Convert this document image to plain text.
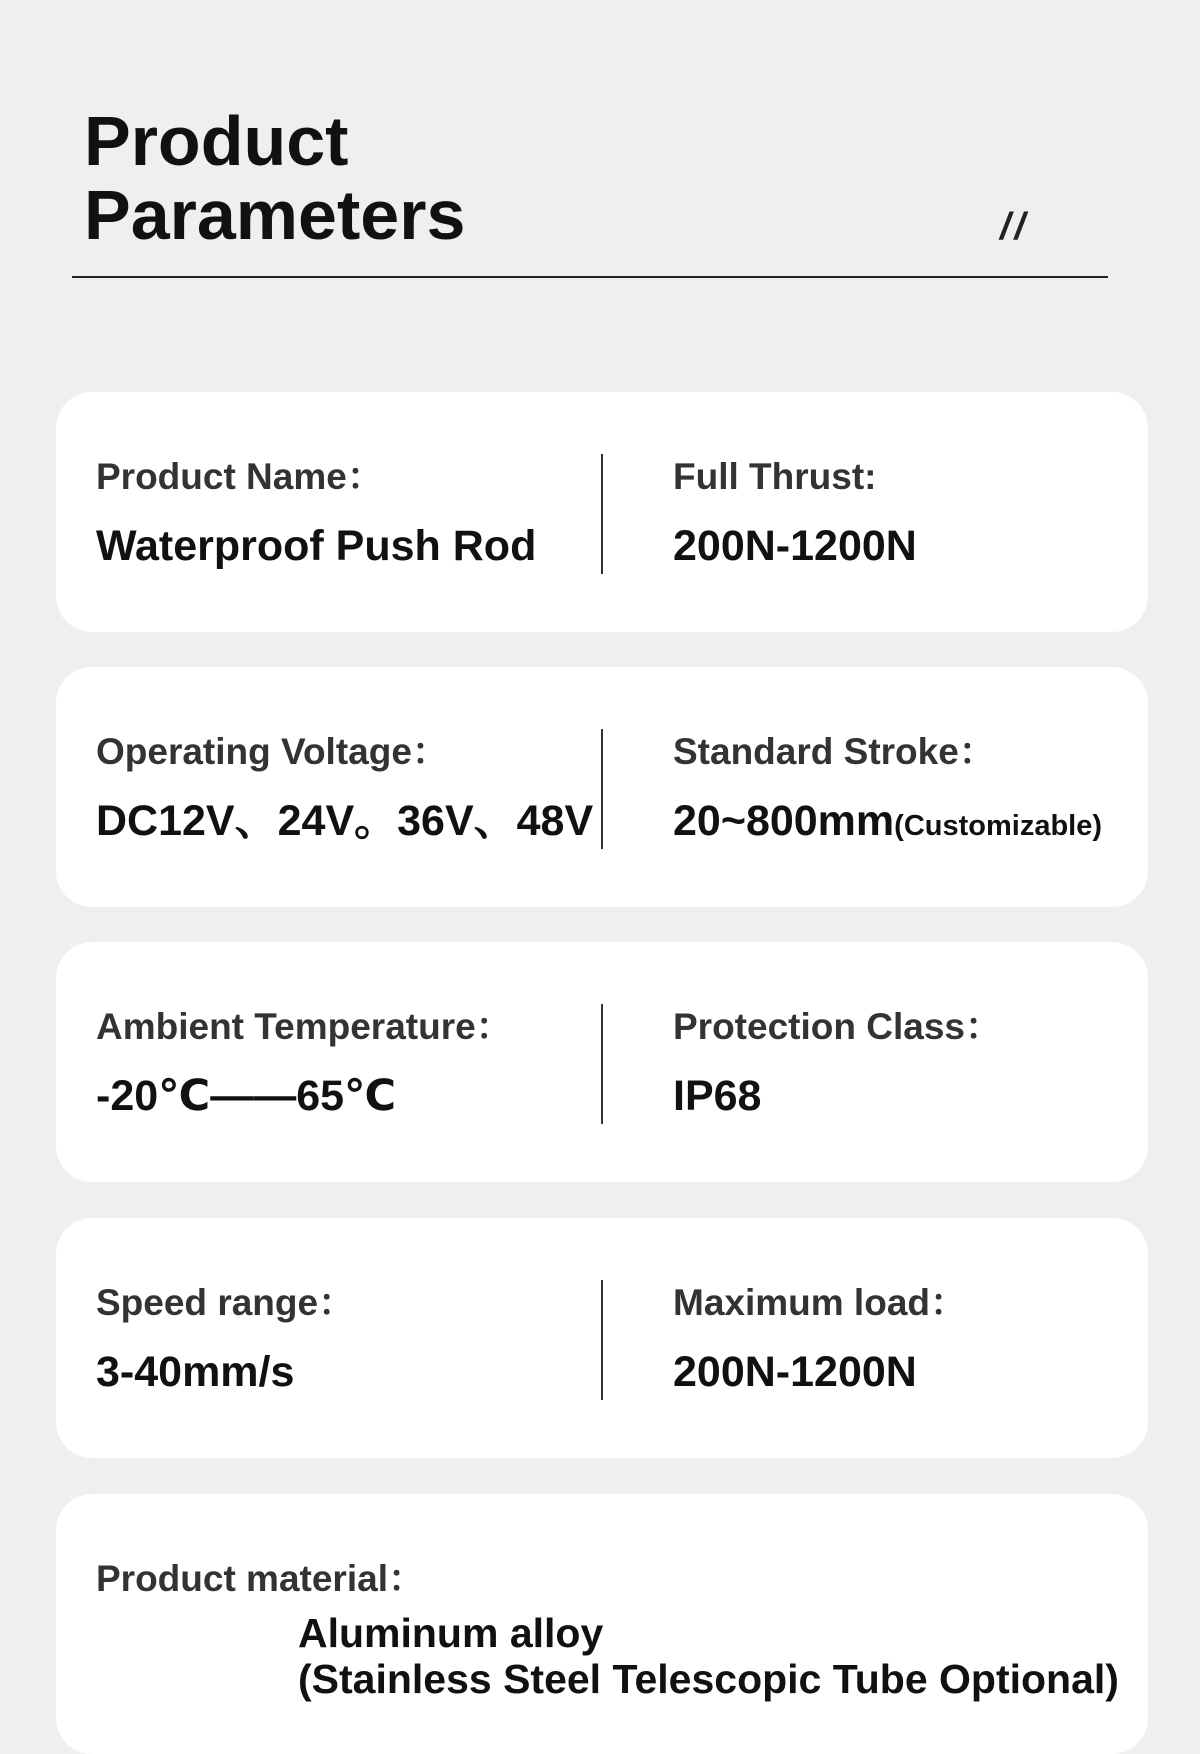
Product
Parameters	//
Product Name：
Waterproof Push Rod
Full Thrust:
200N-1200N
Operating Voltage：
DC12V、24V。36V、48V
Standard Stroke：
20~800mm(Customizable)
Ambient Temperature：
-20℃——65℃
Protection Class：
IP68
Speed range：
3-40mm/s
Maximum load：
200N-1200N
Product material：
Aluminum alloy
(Stainless Steel Telescopic Tube Optional)
